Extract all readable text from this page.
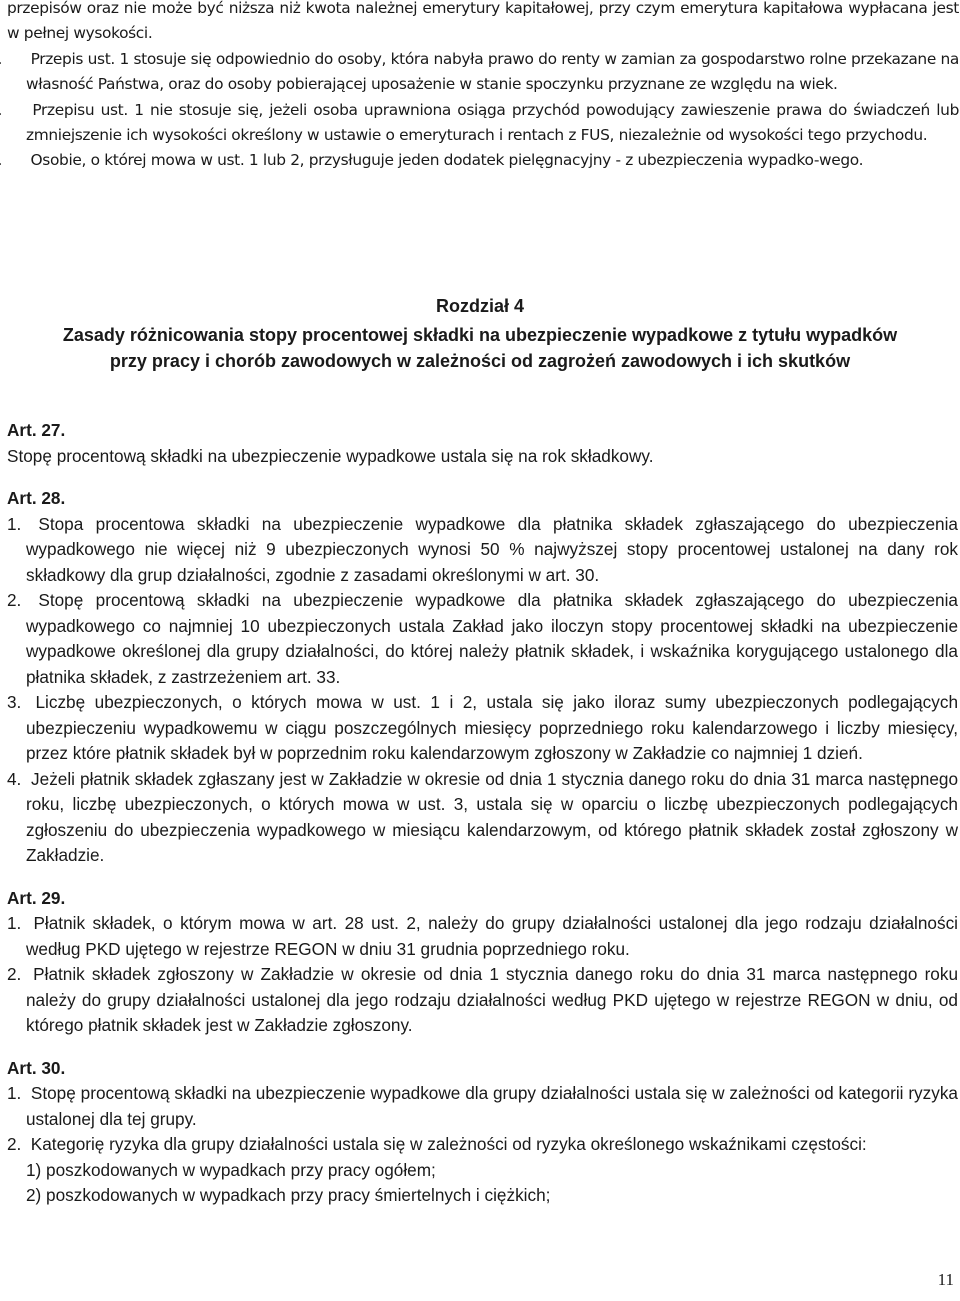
przepisów oraz nie może być niższa niż kwota należnej emerytury kapitałowej, przy czym emerytura kapitałowa wypłacana jest w pełnej wysokości.

Przepis ust. 1 stosuje się odpowiednio do osoby, która nabyła prawo do renty w zamian za gospodarstwo rolne przekazane na własność Państwa, oraz do osoby pobierającej uposażenie w stanie spoczynku przyznane ze względu na wiek.

Przepisu ust. 1 nie stosuje się, jeżeli osoba uprawniona osiąga przychód powodujący zawieszenie prawa do świadczeń lub zmniejszenie ich wysokości określony w ustawie o emeryturach i rentach z FUS, niezależnie od wysokości tego przychodu.

Osobie, o której mowa w ust. 1 lub 2, przysługuje jeden dodatek pielęgnacyjny - z ubezpieczenia wypadko-wego.

Rozdział 4

Zasady różnicowania stopy procentowej składki na ubezpieczenie wypadkowe z tytułu wypadków

przy pracy i chorób zawodowych w zależności od zagrożeń zawodowych i ich skutków

Art. 27.

Stopę procentową składki na ubezpieczenie wypadkowe ustala się na rok składkowy.

Art. 28.

1. Stopa procentowa składki na ubezpieczenie wypadkowe dla płatnika składek zgłaszającego do ubezpieczenia wypadkowego nie więcej niż 9 ubezpieczonych wynosi 50 % najwyższej stopy procentowej ustalonej na dany rok składkowy dla grup działalności, zgodnie z zasadami określonymi w art. 30.

2. Stopę procentową składki na ubezpieczenie wypadkowe dla płatnika składek zgłaszającego do ubezpieczenia wypadkowego co najmniej 10 ubezpieczonych ustala Zakład jako iloczyn stopy procentowej składki na ubezpieczenie wypadkowe określonej dla grupy działalności, do której należy płatnik składek, i wskaźnika korygującego ustalonego dla płatnika składek, z zastrzeżeniem art. 33.

3. Liczbę ubezpieczonych, o których mowa w ust. 1 i 2, ustala się jako iloraz sumy ubezpieczonych podlegających ubezpieczeniu wypadkowemu w ciągu poszczególnych miesięcy poprzedniego roku kalendarzowego i liczby miesięcy, przez które płatnik składek był w poprzednim roku kalendarzowym zgłoszony w Zakładzie co najmniej 1 dzień.

4. Jeżeli płatnik składek zgłaszany jest w Zakładzie w okresie od dnia 1 stycznia danego roku do dnia 31 marca następnego roku, liczbę ubezpieczonych, o których mowa w ust. 3, ustala się w oparciu o liczbę ubezpieczonych podlegających zgłoszeniu do ubezpieczenia wypadkowego w miesiącu kalendarzowym, od którego płatnik składek został zgłoszony w Zakładzie.

Art. 29.

1. Płatnik składek, o którym mowa w art. 28 ust. 2, należy do grupy działalności ustalonej dla jego rodzaju działalności według PKD ujętego w rejestrze REGON w dniu 31 grudnia poprzedniego roku.

2. Płatnik składek zgłoszony w Zakładzie w okresie od dnia 1 stycznia danego roku do dnia 31 marca następnego roku należy do grupy działalności ustalonej dla jego rodzaju działalności według PKD ujętego w rejestrze REGON w dniu, od którego płatnik składek jest w Zakładzie zgłoszony.

Art. 30.

1. Stopę procentową składki na ubezpieczenie wypadkowe dla grupy działalności ustala się w zależności od kategorii ryzyka ustalonej dla tej grupy.

2. Kategorię ryzyka dla grupy działalności ustala się w zależności od ryzyka określonego wskaźnikami częstości:

1) poszkodowanych w wypadkach przy pracy ogółem;

2) poszkodowanych w wypadkach przy pracy śmiertelnych i ciężkich;

11
